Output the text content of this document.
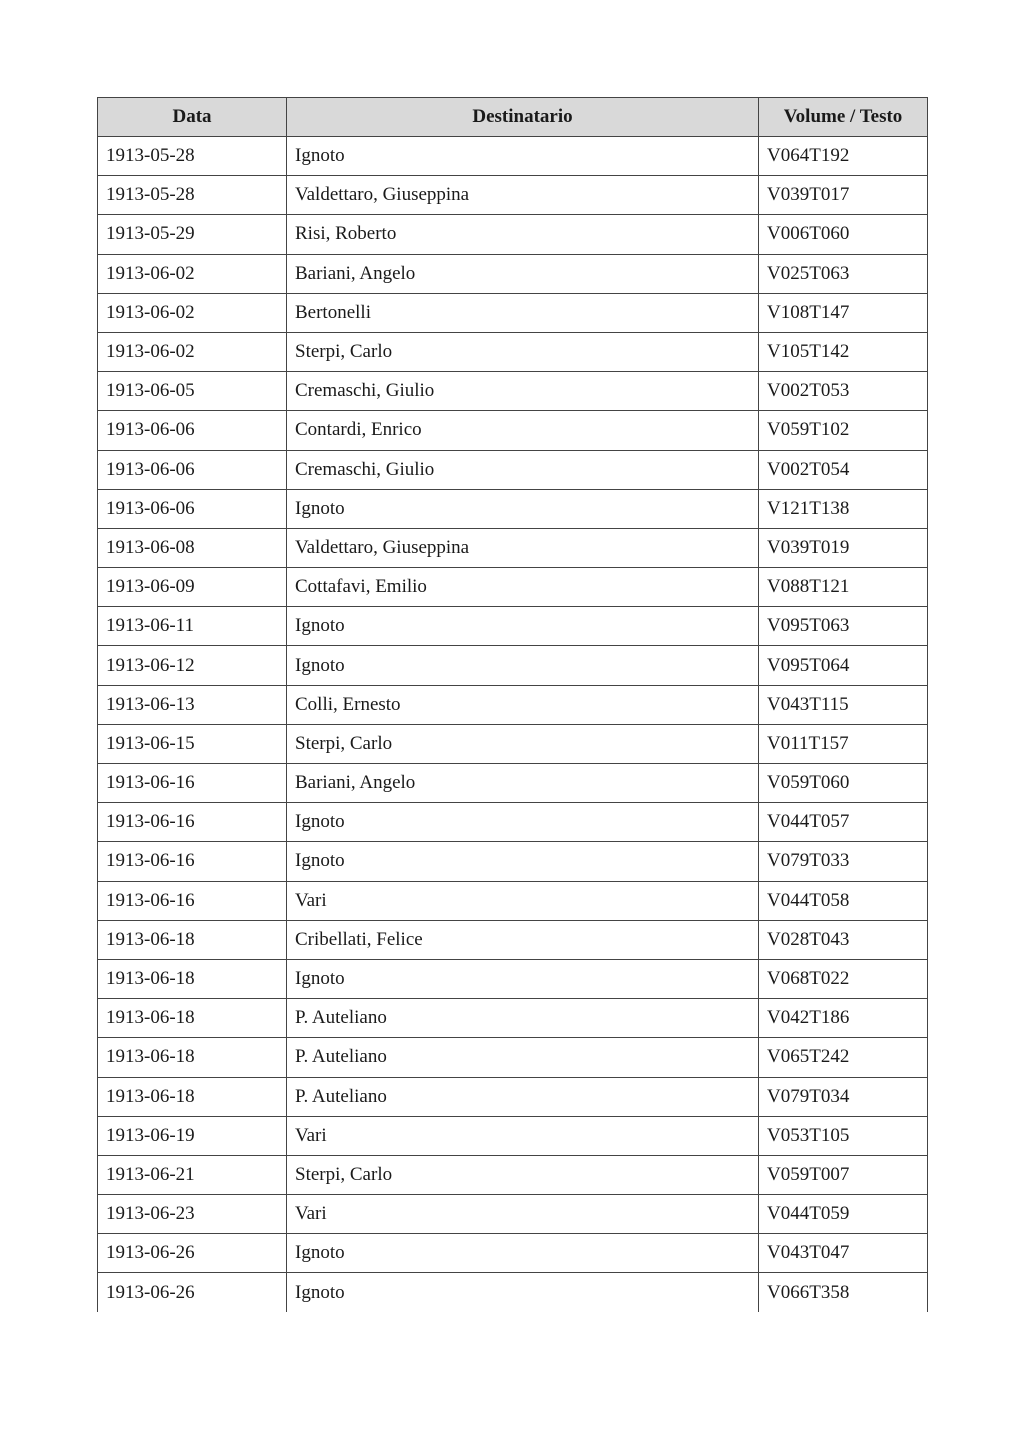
Data	Destinatario	Volume / Testo
1913-05-28	Ignoto	V064T192
1913-05-28	Valdettaro, Giuseppina	V039T017
1913-05-29	Risi, Roberto	V006T060
1913-06-02	Bariani, Angelo	V025T063
1913-06-02	Bertonelli	V108T147
1913-06-02	Sterpi, Carlo	V105T142
1913-06-05	Cremaschi, Giulio	V002T053
1913-06-06	Contardi, Enrico	V059T102
1913-06-06	Cremaschi, Giulio	V002T054
1913-06-06	Ignoto	V121T138
1913-06-08	Valdettaro, Giuseppina	V039T019
1913-06-09	Cottafavi, Emilio	V088T121
1913-06-11	Ignoto	V095T063
1913-06-12	Ignoto	V095T064
1913-06-13	Colli, Ernesto	V043T115
1913-06-15	Sterpi, Carlo	V011T157
1913-06-16	Bariani, Angelo	V059T060
1913-06-16	Ignoto	V044T057
1913-06-16	Ignoto	V079T033
1913-06-16	Vari	V044T058
1913-06-18	Cribellati, Felice	V028T043
1913-06-18	Ignoto	V068T022
1913-06-18	P. Auteliano	V042T186
1913-06-18	P. Auteliano	V065T242
1913-06-18	P. Auteliano	V079T034
1913-06-19	Vari	V053T105
1913-06-21	Sterpi, Carlo	V059T007
1913-06-23	Vari	V044T059
1913-06-26	Ignoto	V043T047
1913-06-26	Ignoto	V066T358
